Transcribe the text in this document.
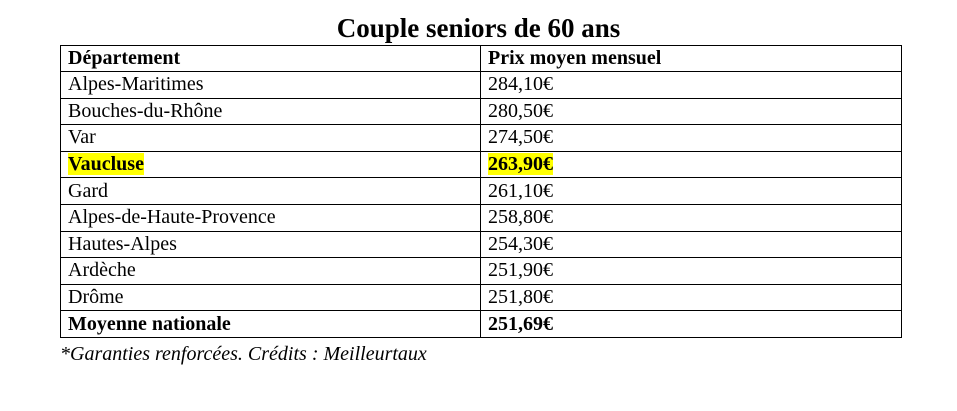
Couple seniors de 60 ans
Département	Prix moyen mensuel
Alpes-Maritimes	284,10€
Bouches-du-Rhône	280,50€
Var	274,50€
Vaucluse	263,90€
Gard	261,10€
Alpes-de-Haute-Provence	258,80€
Hautes-Alpes	254,30€
Ardèche	251,90€
Drôme	251,80€
Moyenne nationale	251,69€
*Garanties renforcées. Crédits : Meilleurtaux
